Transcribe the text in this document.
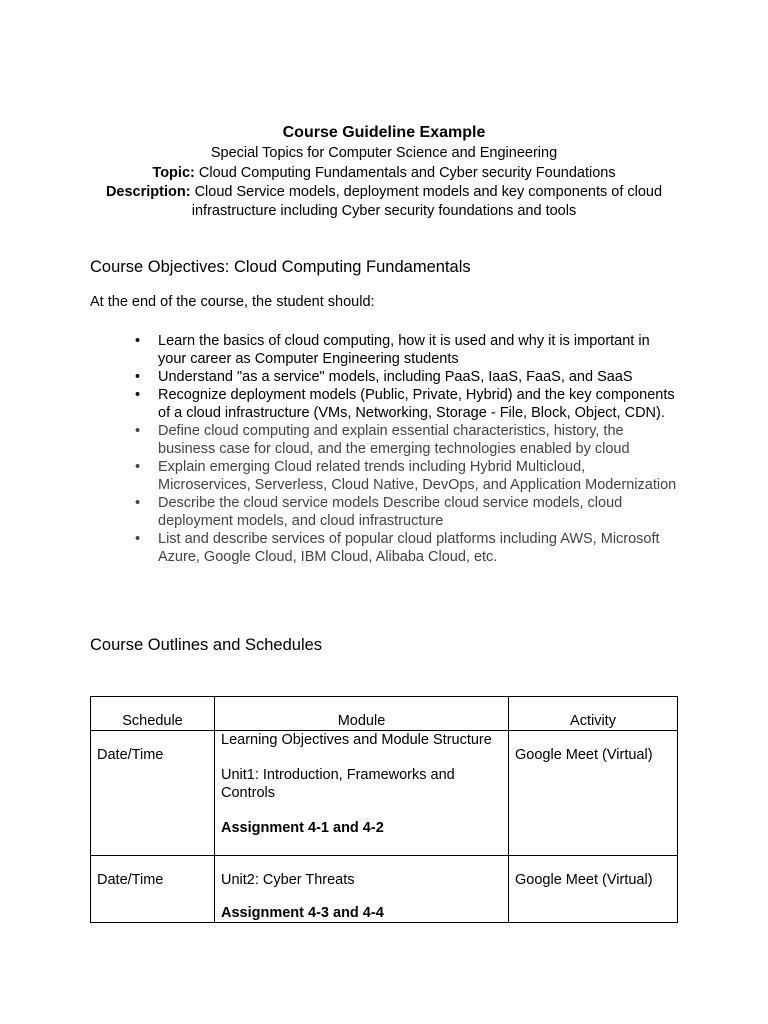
Course Guideline Example

Special Topics for Computer Science and Engineering

Topic: Cloud Computing Fundamentals and Cyber security Foundations

Description: Cloud Service models, deployment models and key components of cloud

infrastructure including Cyber security foundations and tools

Course Objectives: Cloud Computing Fundamentals

At the end of the course, the student should:

•	Learn the basics of cloud computing, how it is used and why it is important in your career as Computer Engineering students
•	Understand "as a service" models, including PaaS, IaaS, FaaS, and SaaS
•	Recognize deployment models (Public, Private, Hybrid) and the key components of a cloud infrastructure (VMs, Networking, Storage - File, Block, Object, CDN).
•	Define cloud computing and explain essential characteristics, history, the business case for cloud, and the emerging technologies enabled by cloud
•	Explain emerging Cloud related trends including Hybrid Multicloud, Microservices, Serverless, Cloud Native, DevOps, and Application Modernization
•	Describe the cloud service models Describe cloud service models, cloud deployment models, and cloud infrastructure
•	List and describe services of popular cloud platforms including AWS, Microsoft Azure, Google Cloud, IBM Cloud, Alibaba Cloud, etc.
Course Outlines and Schedules
Schedule	Module	Activity
Date/Time	Learning Objectives and Module Structure

Unit1: Introduction, Frameworks and Controls

Assignment 4-1 and 4-2	Google Meet (Virtual)
Date/Time	Unit2: Cyber Threats

Assignment 4-3 and 4-4	Google Meet (Virtual)
